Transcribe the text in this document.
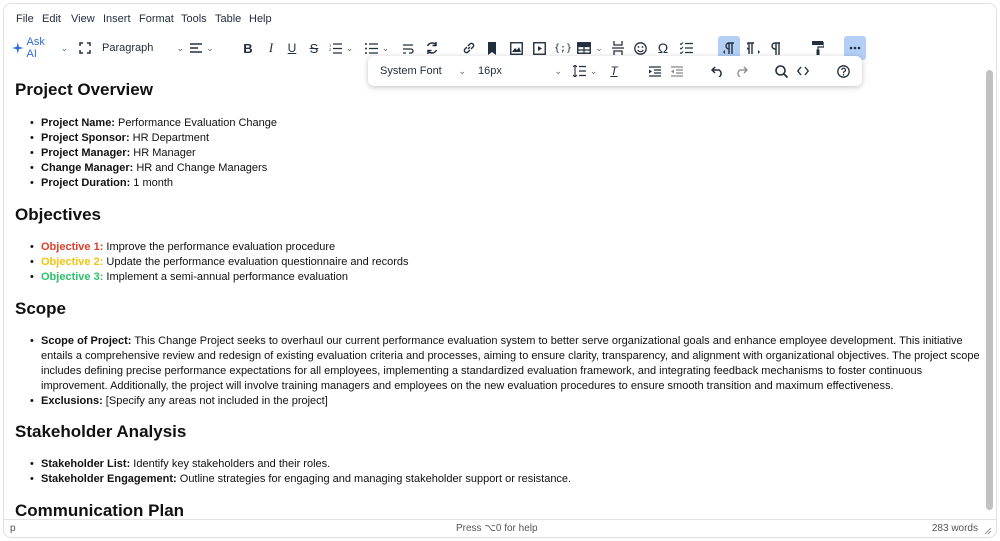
File Edit View Insert Format Tools Table Help
Ask AI
⌄	Paragraph	⌄ ⌄ B I U S	1
2 ⌄	⌄	{;}	⌄	Ω
Project Overview
• Project Name: Performance Evaluation Change
• Project Sponsor: HR Department
• Project Manager: HR Manager
• Change Manager: HR and Change Managers
• Project Duration: 1 month
Objectives
• Objective 1: Improve the performance evaluation procedure
• Objective 2: Update the performance evaluation questionnaire and records
• Objective 3: Implement a semi-annual performance evaluation
Scope
• Scope of Project: This Change Project seeks to overhaul our current performance evaluation system to better serve organizational goals and enhance employee development. This initiative entails a comprehensive review and redesign of existing evaluation criteria and processes, aiming to ensure clarity, transparency, and alignment with organizational objectives. The project scope includes defining precise performance expectations for all employees, implementing a standardized evaluation framework, and integrating feedback mechanisms to foster continuous improvement. Additionally, the project will involve training managers and employees on the new evaluation procedures to ensure smooth transition and maximum effectiveness.
• Exclusions: [Specify any areas not included in the project]
Stakeholder Analysis
• Stakeholder List: Identify key stakeholders and their roles.
• Stakeholder Engagement: Outline strategies for engaging and managing stakeholder support or resistance.
Communication Plan
p	Press ⌥0 for help	283 words
System Font ⌄ 16px	⌄	⌄ T
